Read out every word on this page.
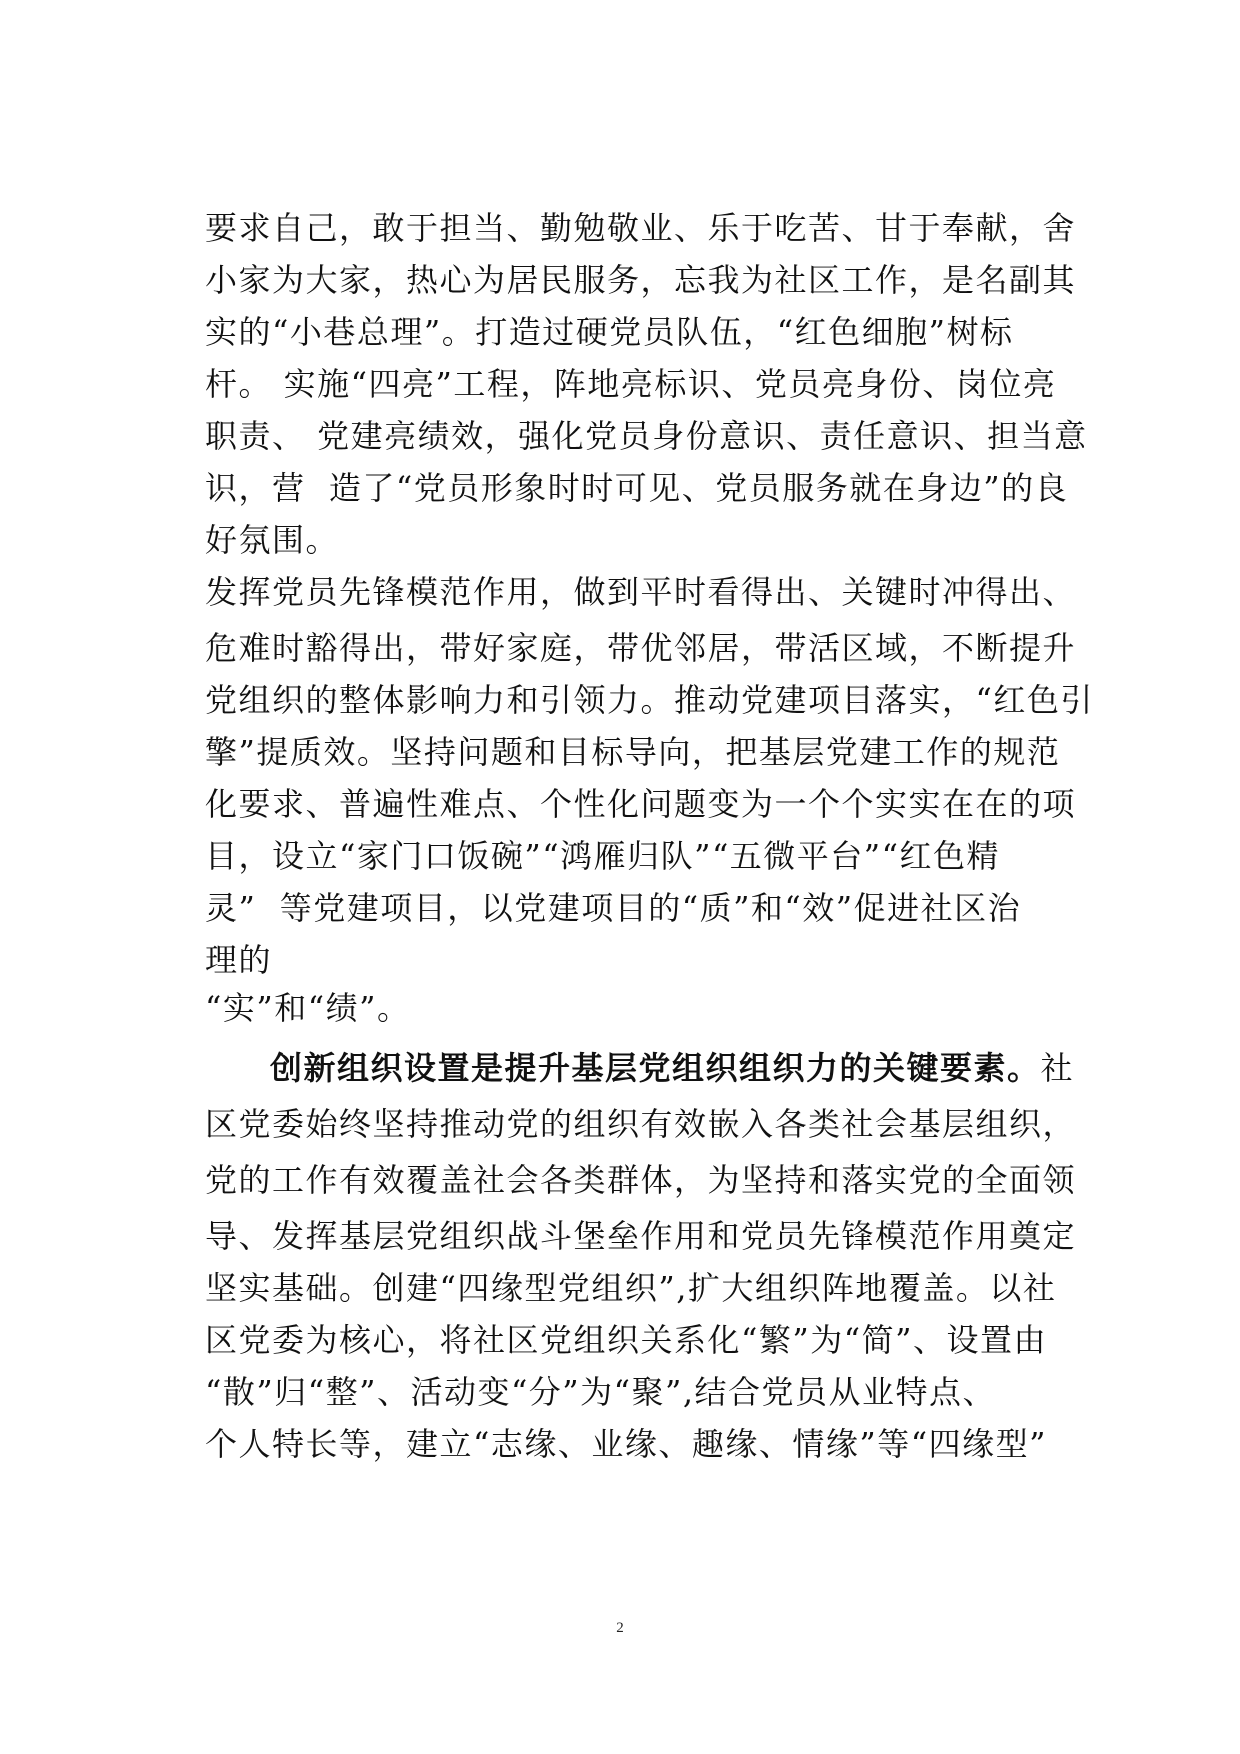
要求自己，敢于担当、勤勉敬业、乐于吃苦、甘于奉献，舍
小家为大家，热心为居民服务，忘我为社区工作，是名副其
实的“小巷总理”。打造过硬党员队伍，“红色细胞”树标
杆。 实施“四亮”工程，阵地亮标识、党员亮身份、岗位亮
职责、 党建亮绩效，强化党员身份意识、责任意识、担当意
识，营  造了“党员形象时时可见、党员服务就在身边”的良
好氛围。
发挥党员先锋模范作用，做到平时看得出、关键时冲得出、
危难时豁得出，带好家庭，带优邻居，带活区域，不断提升
党组织的整体影响力和引领力。推动党建项目落实，“红色引
擎”提质效。坚持问题和目标导向，把基层党建工作的规范
化要求、普遍性难点、个性化问题变为一个个实实在在的项
目，设立“家门口饭碗”“鸿雁归队”“五微平台”“红色精
灵”  等党建项目，以党建项目的“质”和“效”促进社区治
理的
“实”和“绩”。
创新组织设置是提升基层党组织组织力的关键要素。社
区党委始终坚持推动党的组织有效嵌入各类社会基层组织，
党的工作有效覆盖社会各类群体，为坚持和落实党的全面领
导、发挥基层党组织战斗堡垒作用和党员先锋模范作用奠定
坚实基础。创建“四缘型党组织”,扩大组织阵地覆盖。以社
区党委为核心，将社区党组织关系化“繁”为“简”、设置由
“散”归“整”、活动变“分”为“聚”,结合党员从业特点、
个人特长等，建立“志缘、业缘、趣缘、情缘”等“四缘型”
2
